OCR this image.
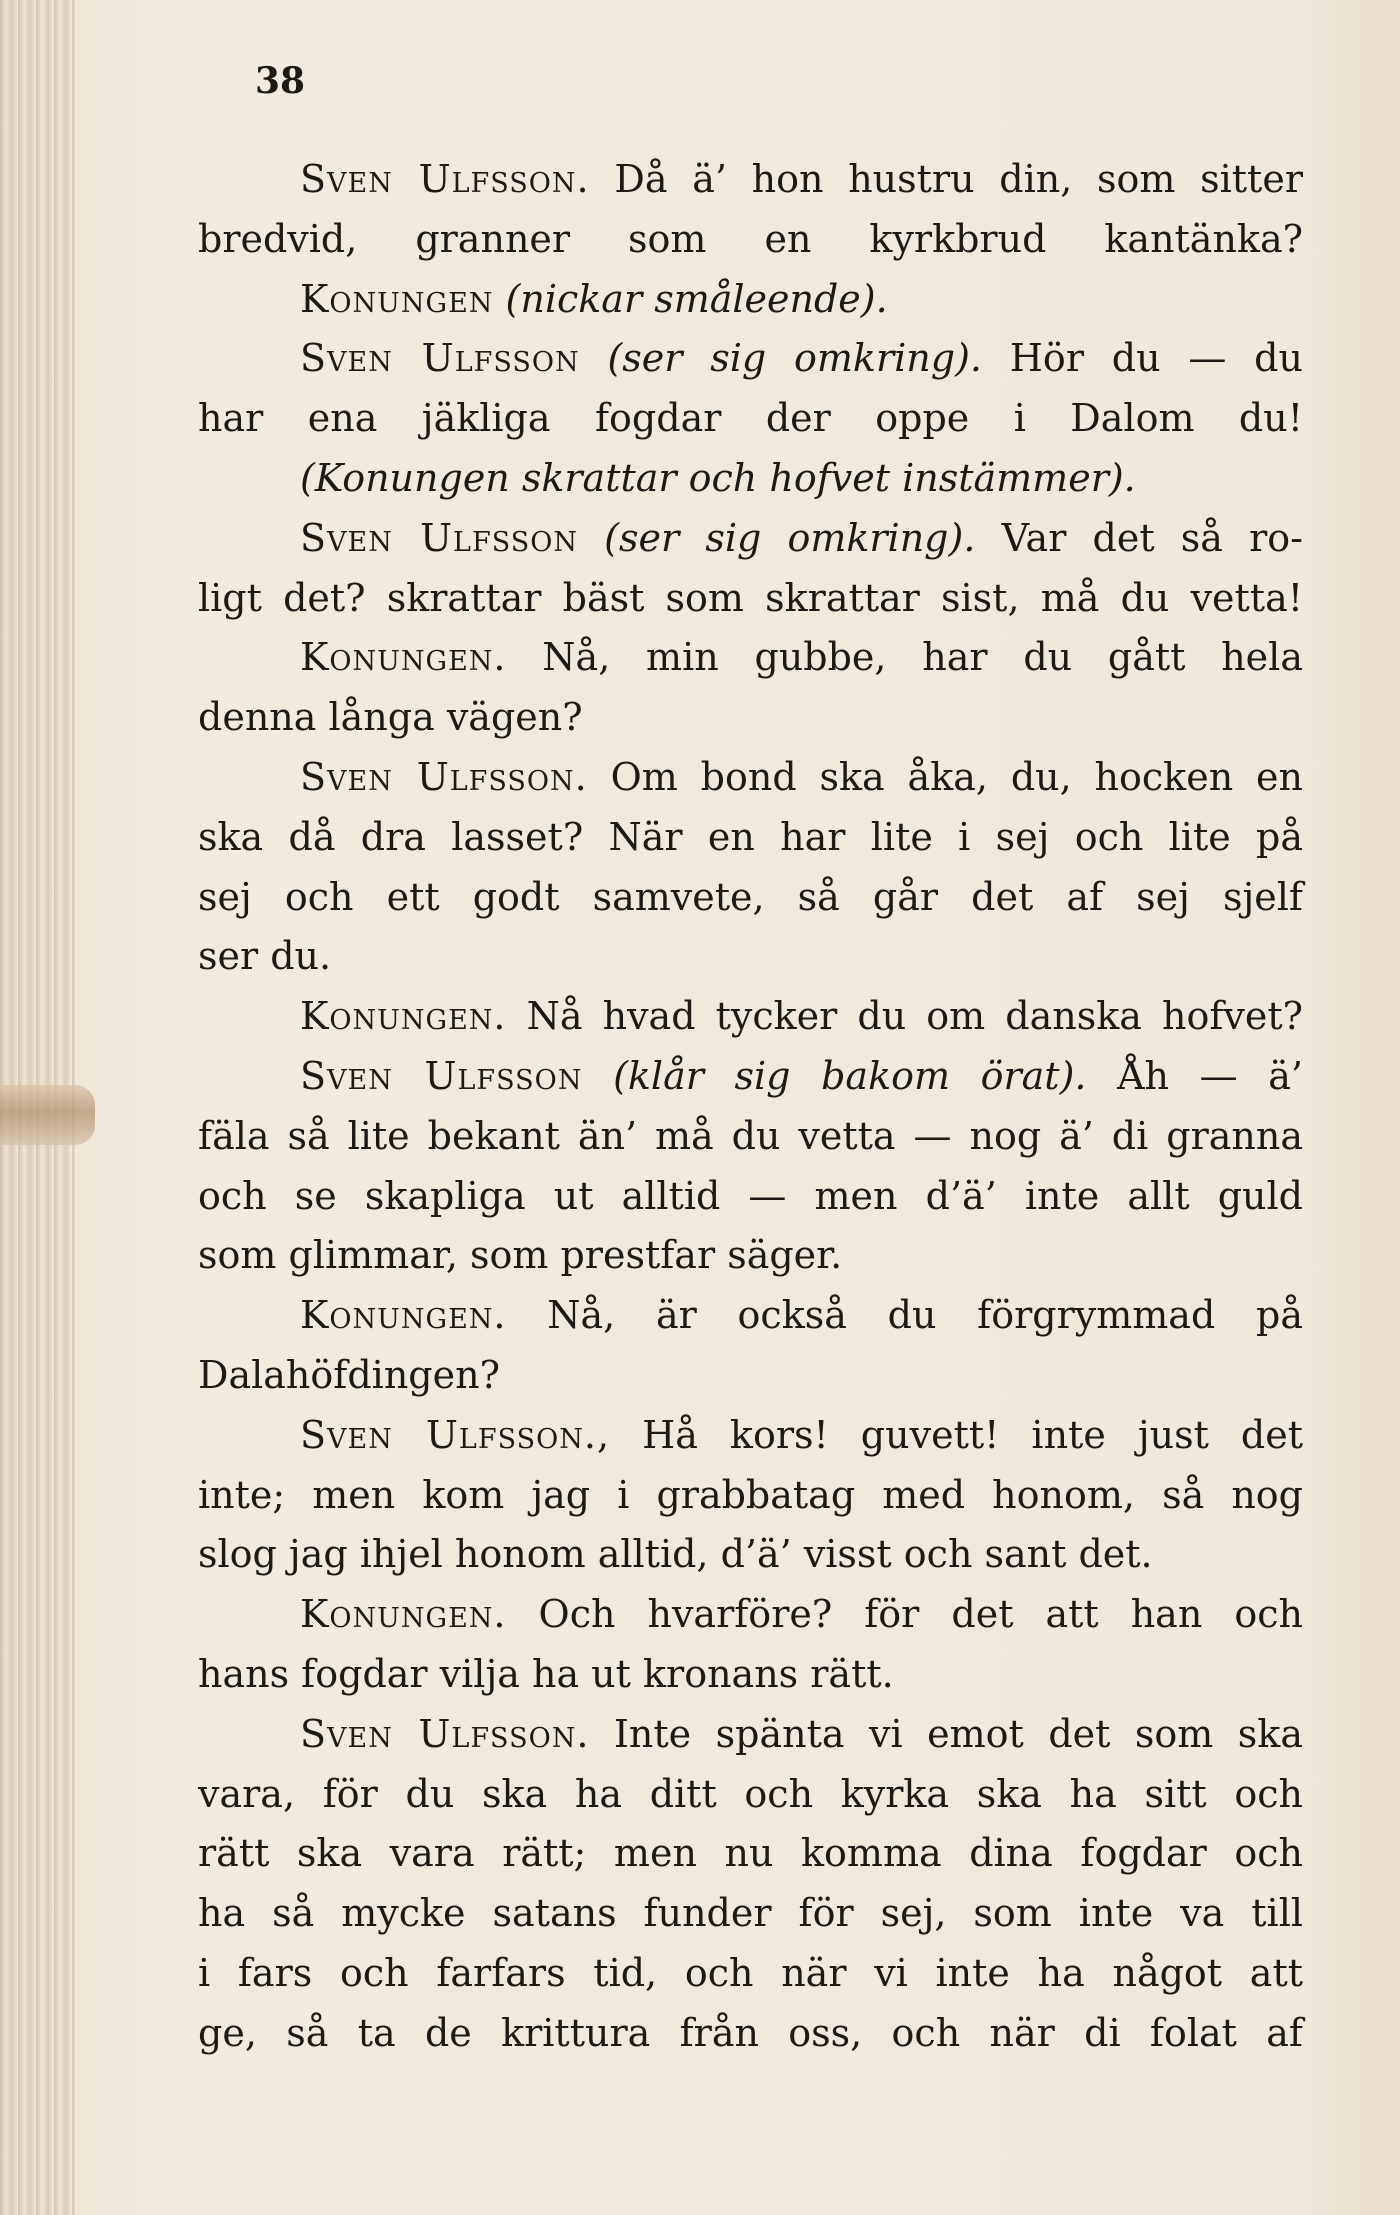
38
Sven Ulfsson. Då ä’ hon hustru din, som sitter
bredvid, granner som en kyrkbrud kantänka?
Konungen (nickar småleende).
Sven Ulfsson (ser sig omkring). Hör du — du
har ena jäkliga fogdar der oppe i Dalom du!
(Konungen skrattar och hofvet instämmer).
Sven Ulfsson (ser sig omkring). Var det så ro-
ligt det? skrattar bäst som skrattar sist, må du vetta!
Konungen. Nå, min gubbe, har du gått hela
denna långa vägen?
Sven Ulfsson. Om bond ska åka, du, hocken en
ska då dra lasset? När en har lite i sej och lite på
sej och ett godt samvete, så går det af sej sjelf
ser du.
Konungen. Nå hvad tycker du om danska hofvet?
Sven Ulfsson (klår sig bakom örat). Åh — ä’
fäla så lite bekant än’ må du vetta — nog ä’ di granna
och se skapliga ut alltid — men d’ä’ inte allt guld
som glimmar, som prestfar säger.
Konungen. Nå, är också du förgrymmad på
Dalahöfdingen?
Sven Ulfsson., Hå kors! guvett! inte just det
inte; men kom jag i grabbatag med honom, så nog
slog jag ihjel honom alltid, d’ä’ visst och sant det.
Konungen. Och hvarföre? för det att han och
hans fogdar vilja ha ut kronans rätt.
Sven Ulfsson. Inte spänta vi emot det som ska
vara, för du ska ha ditt och kyrka ska ha sitt och
rätt ska vara rätt; men nu komma dina fogdar och
ha så mycke satans funder för sej, som inte va till
i fars och farfars tid, och när vi inte ha något att
ge, så ta de krittura från oss, och när di folat af
